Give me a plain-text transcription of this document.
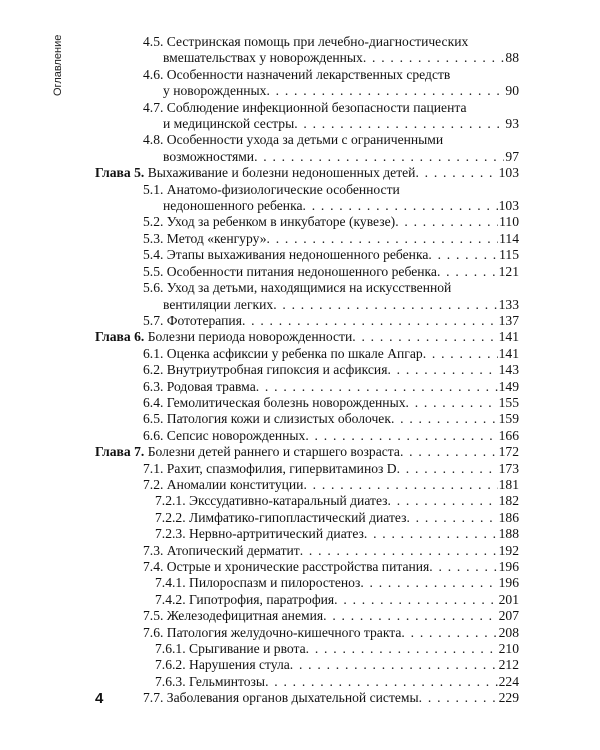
Оглавление	4.5. Сестринская помощь при лечебно-диагностических
вмешательствах у новорожденных . . .	88
4.6. Особенности назначений лекарственных средств
у новорожденных . . .	90
4.7. Соблюдение инфекционной безопасности пациента
и медицинской сестры . . .	93
4.8. Особенности ухода за детьми с ограниченными
возможностями . . .	97
Глава 5. Выхаживание и болезни недоношенных детей . . .	103
5.1. Анатомо-физиологические особенности
недоношенного ребенка . . .	103
5.2. Уход за ребенком в инкубаторе (кувезе) . . .	110
5.3. Метод «кенгуру» . . .	114
5.4. Этапы выхаживания недоношенного ребенка . . .	115
5.5. Особенности питания недоношенного ребенка . . .	121
5.6. Уход за детьми, находящимися на искусственной
вентиляции легких . . .	133
5.7. Фототерапия . . .	137
Глава 6. Болезни периода новорожденности . . .	141
6.1. Оценка асфиксии у ребенка по шкале Апгар . . .	141
6.2. Внутриутробная гипоксия и асфиксия . . .	143
6.3. Родовая травма . . .	149
6.4. Гемолитическая болезнь новорожденных . . .	155
6.5. Патология кожи и слизистых оболочек . . .	159
6.6. Сепсис новорожденных . . .	166
Глава 7. Болезни детей раннего и старшего возраста . . .	172
7.1. Рахит, спазмофилия, гипервитаминоз D . . .	173
7.2. Аномалии конституции . . .	181
7.2.1. Экссудативно-катаральный диатез . . .	182
7.2.2. Лимфатико-гипопластический диатез . . .	186
7.2.3. Нервно-артритический диатез . . .	188
7.3. Атопический дерматит . . .	192
7.4. Острые и хронические расстройства питания . . .	196
7.4.1. Пилороспазм и пилоростеноз . . .	196
7.4.2. Гипотрофия, паратрофия . . .	201
7.5. Железодефицитная анемия . . .	207
7.6. Патология желудочно-кишечного тракта . . .	208
7.6.1. Срыгивание и рвота . . .	210
7.6.2. Нарушения стула . . .	212
7.6.3. Гельминтозы . . .	224
7.7. Заболевания органов дыхательной системы . . .	229
4
